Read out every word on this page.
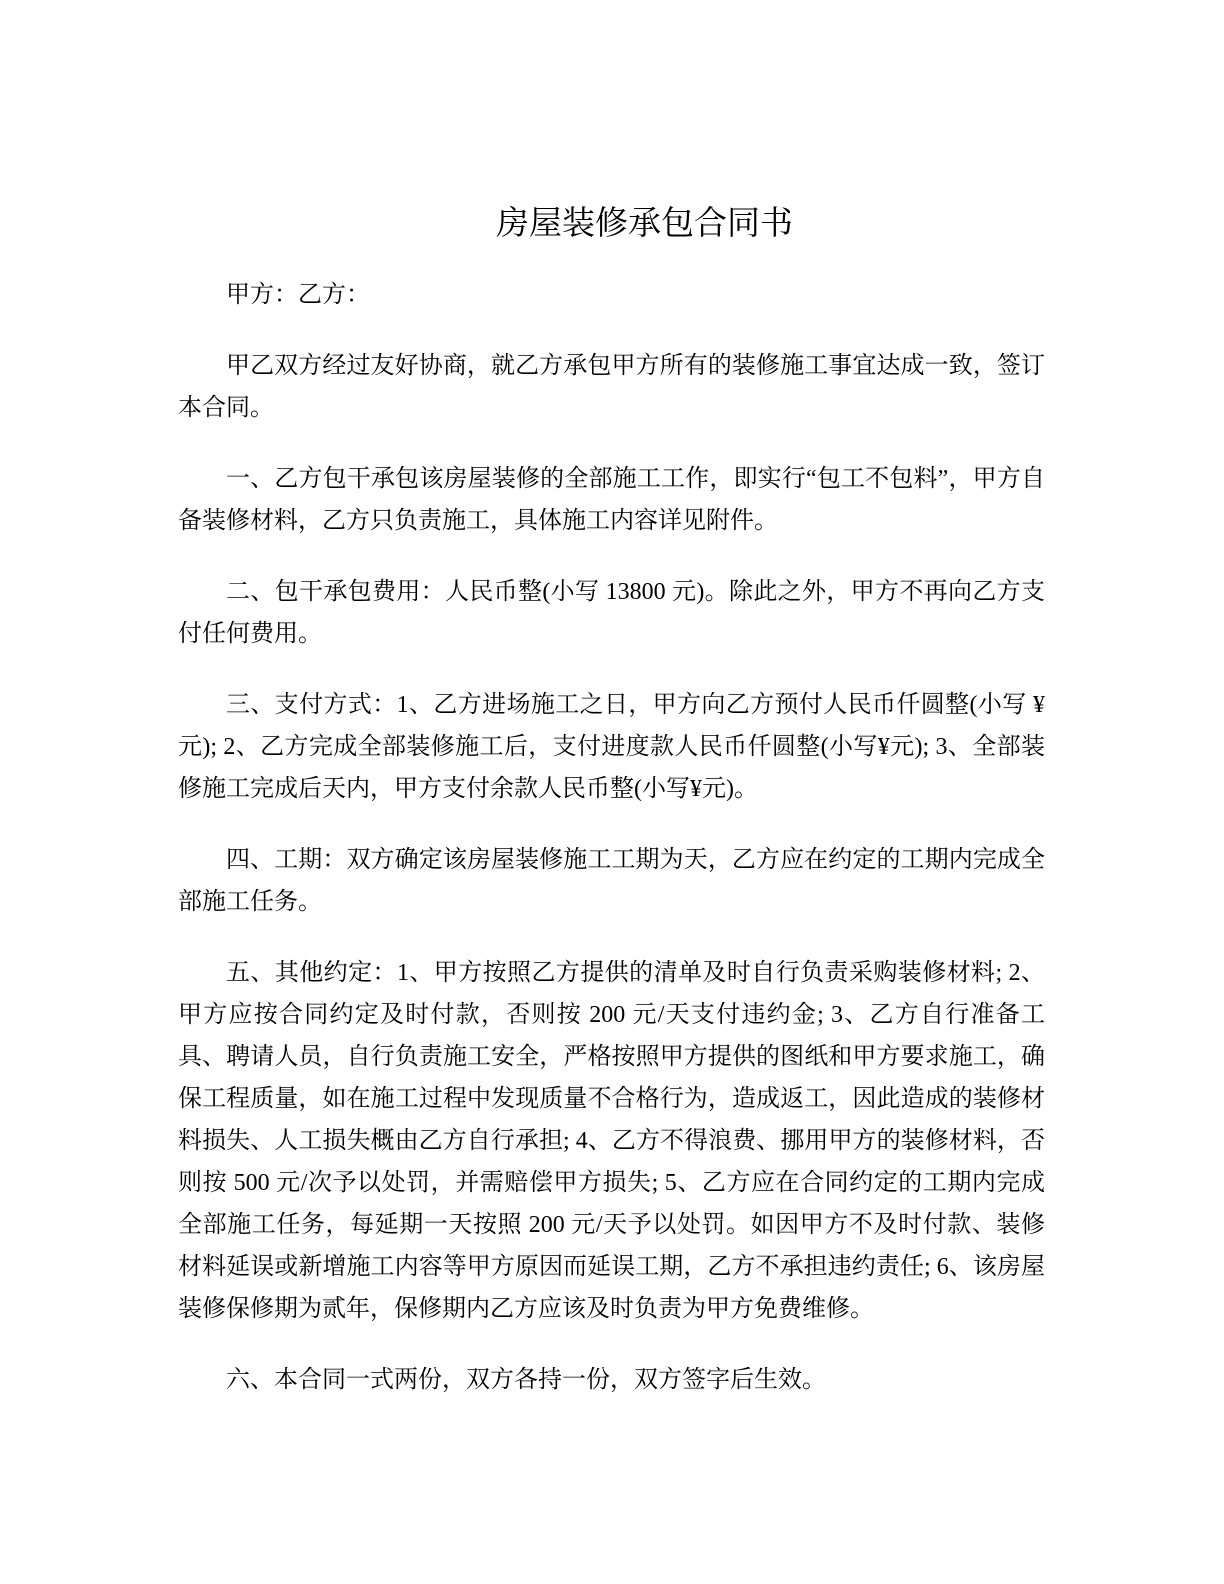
房屋装修承包合同书

甲方：乙方：

甲乙双方经过友好协商，就乙方承包甲方所有的装修施工事宜达成一致，签订本合同。

一、乙方包干承包该房屋装修的全部施工工作，即实行“包工不包料”，甲方自备装修材料，乙方只负责施工，具体施工内容详见附件。

二、包干承包费用：人民币整(小写 13800 元)。除此之外，甲方不再向乙方支付任何费用。

三、支付方式：1、乙方进场施工之日，甲方向乙方预付人民币仟圆整(小写 ¥ 元); 2、乙方完成全部装修施工后，支付进度款人民币仟圆整(小写¥元); 3、全部装修施工完成后天内，甲方支付余款人民币整(小写¥元)。

四、工期：双方确定该房屋装修施工工期为天，乙方应在约定的工期内完成全部施工任务。

五、其他约定：1、甲方按照乙方提供的清单及时自行负责采购装修材料; 2、甲方应按合同约定及时付款，否则按 200 元/天支付违约金; 3、乙方自行准备工具、聘请人员，自行负责施工安全，严格按照甲方提供的图纸和甲方要求施工，确保工程质量，如在施工过程中发现质量不合格行为，造成返工，因此造成的装修材料损失、人工损失概由乙方自行承担; 4、乙方不得浪费、挪用甲方的装修材料，否则按 500 元/次予以处罚，并需赔偿甲方损失; 5、乙方应在合同约定的工期内完成全部施工任务，每延期一天按照 200 元/天予以处罚。如因甲方不及时付款、装修材料延误或新增施工内容等甲方原因而延误工期，乙方不承担违约责任; 6、该房屋装修保修期为贰年，保修期内乙方应该及时负责为甲方免费维修。

六、本合同一式两份，双方各持一份，双方签字后生效。
